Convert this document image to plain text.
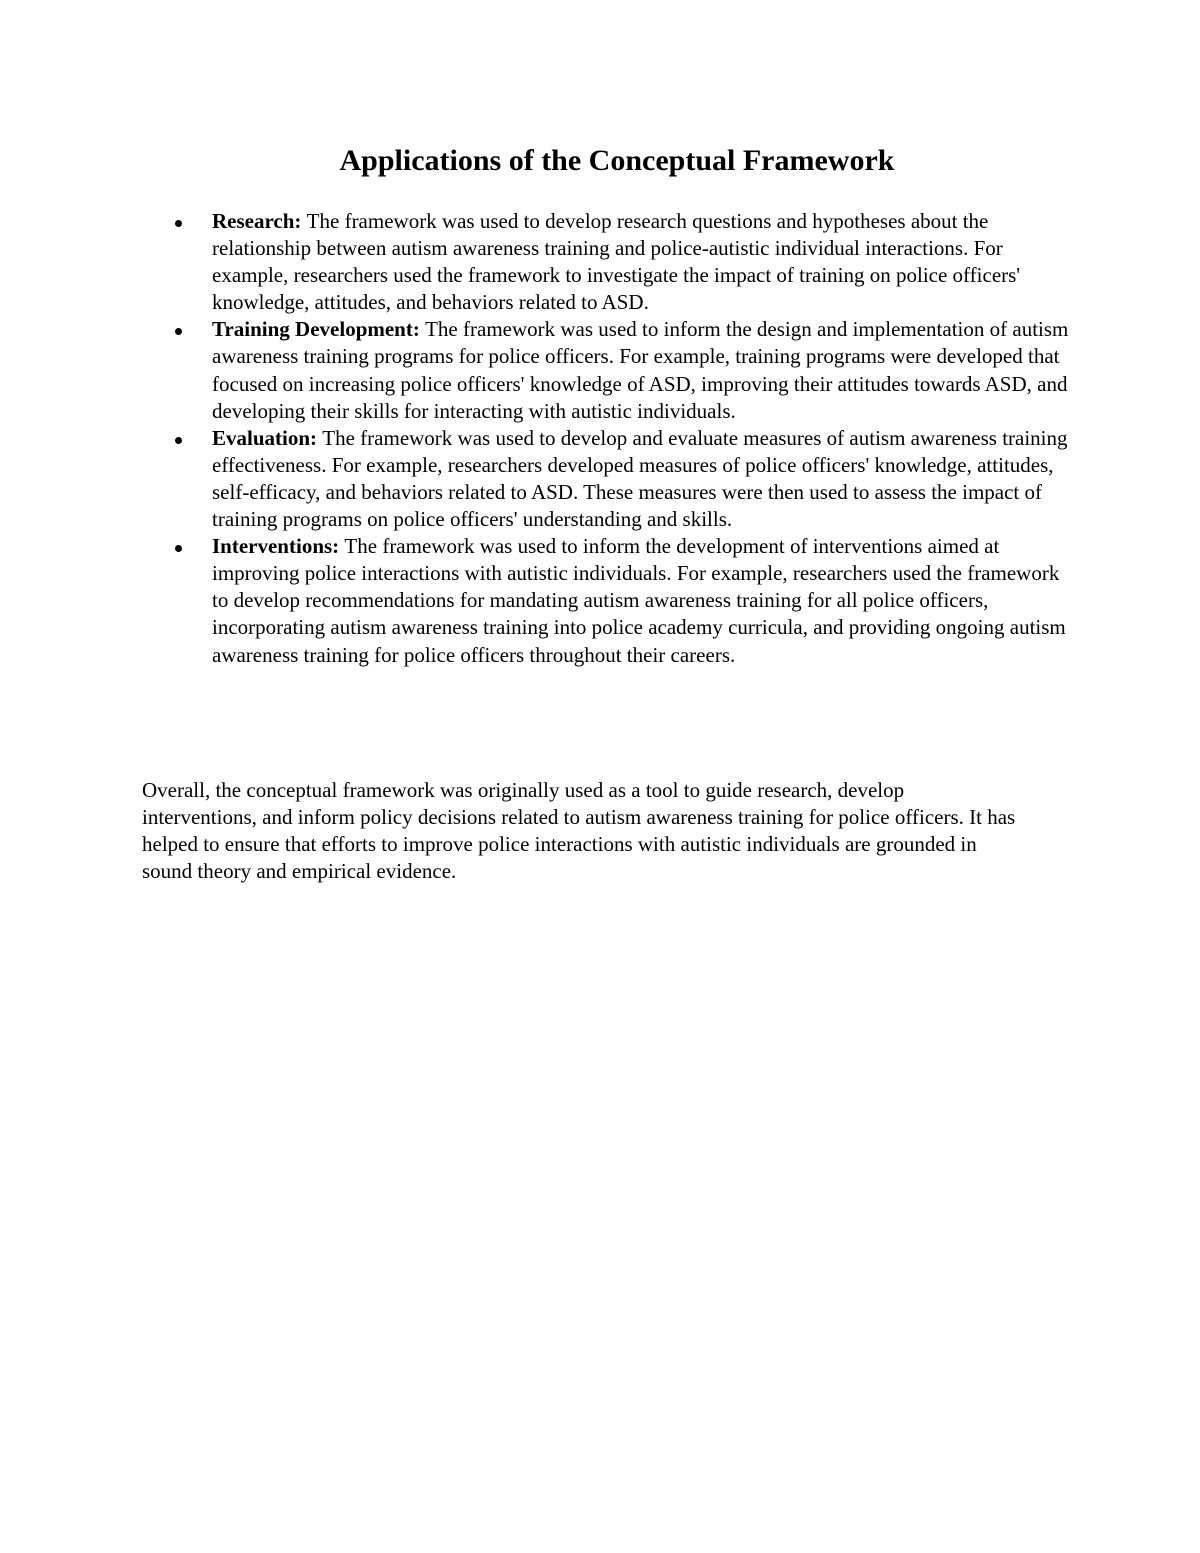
Applications of the Conceptual Framework
Research: The framework was used to develop research questions and hypotheses about the relationship between autism awareness training and police-autistic individual interactions. For example, researchers used the framework to investigate the impact of training on police officers' knowledge, attitudes, and behaviors related to ASD.
Training Development: The framework was used to inform the design and implementation of autism awareness training programs for police officers. For example, training programs were developed that focused on increasing police officers' knowledge of ASD, improving their attitudes towards ASD, and developing their skills for interacting with autistic individuals.
Evaluation: The framework was used to develop and evaluate measures of autism awareness training effectiveness. For example, researchers developed measures of police officers' knowledge, attitudes, self-efficacy, and behaviors related to ASD. These measures were then used to assess the impact of training programs on police officers' understanding and skills.
Interventions: The framework was used to inform the development of interventions aimed at improving police interactions with autistic individuals. For example, researchers used the framework to develop recommendations for mandating autism awareness training for all police officers, incorporating autism awareness training into police academy curricula, and providing ongoing autism awareness training for police officers throughout their careers.

Overall, the conceptual framework was originally used as a tool to guide research, develop interventions, and inform policy decisions related to autism awareness training for police officers. It has helped to ensure that efforts to improve police interactions with autistic individuals are grounded in sound theory and empirical evidence.
